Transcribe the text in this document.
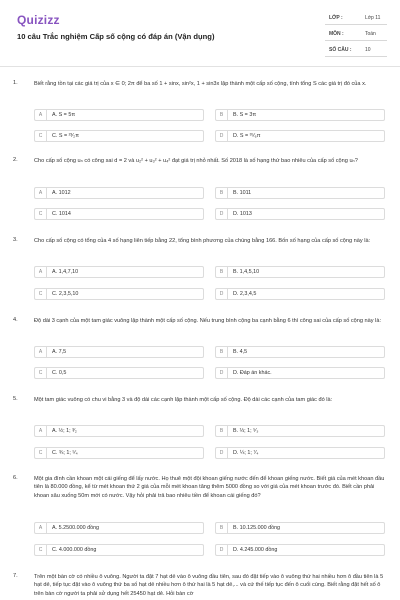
Quizizz
10 câu Trắc nghiệm Cấp số cộng có đáp án (Vận dụng)
LỚP :	Lớp 11
MÔN :	Toán
SỐ CÂU :	10
1.	Biết rằng tồn tại các giá trị của x ∈ 0; 2π để ba số 1 + sinx, sin²x, 1 + sin3x lập thành một cấp số cộng, tính tổng S các giá trị đó của x.
A	A. S = 5π	B	B. S = 3π
C	C. S = ²³⁄₂π	D	D. S = ³⁵⁄₆π
2.	Cho cấp số cộng uₙ có công sai d = 2 và u₂² + u₃² + u₄² đạt giá trị nhỏ nhất. Số 2018 là số hạng thứ bao nhiêu của cấp số cộng uₙ?
A	A. 1012	B	B. 1011
C	C. 1014	D	D. 1013
3.	Cho cấp số cộng có tổng của 4 số hạng liên tiếp bằng 22, tổng bình phương của chúng bằng 166. Bốn số hạng của cấp số cộng này là:
A	A. 1,4,7,10	B	B. 1,4,5,10
C	C. 2,3,5,10	D	D. 2,3,4,5
4.	Độ dài 3 cạnh của một tam giác vuông lập thành một cấp số cộng. Nếu trung bình cộng ba cạnh bằng 6 thì công sai của cấp số cộng này là:
A	A. 7,5	B	B. 4,5
C	C. 0,5	D	D. Đáp án khác.
5.	Một tam giác vuông có chu vi bằng 3 và độ dài các cạnh lập thành một cấp số cộng. Độ dài các cạnh của tam giác đó là:
A	A. ½; 1; ³⁄₂	B	B. ⅓; 1; ⁵⁄₃
C	C. ¾; 1; ⁵⁄₄	D	D. ¼; 1; ⁷⁄₄
6.	Một gia đình cần khoan một cái giếng để lấy nước. Họ thuê một đội khoan giếng nước đến để khoan giếng nước. Biết giá của mét khoan đầu tiên là 80.000 đồng, kể từ mét khoan thứ 2 giá của mỗi mét khoan tăng thêm 5000 đồng so với giá của mét khoan trước đó. Biết cần phải khoan sâu xuống 50m mới có nước. Vậy hỏi phải trả bao nhiêu tiền để khoan cái giếng đó?
A	A. 5.2500.000 đồng	B	B. 10.125.000 đồng
C	C. 4.000.000 đồng	D	D. 4.245.000 đồng
7.	Trên một bàn cờ có nhiều ô vuông. Người ta đặt 7 hạt dẻ vào ô vuông đầu tiên, sau đó đặt tiếp vào ô vuông thứ hai nhiều hơn ô đầu tiên là 5 hạt dẻ, tiếp tục đặt vào ô vuông thứ ba số hạt dẻ nhiều hơn ô thứ hai là 5 hạt dẻ,... và cứ thế tiếp tục đến ô cuối cùng. Biết rằng đặt hết số ô trên bàn cờ người ta phải sử dụng hết 25450 hạt dẻ. Hỏi bàn cờ
